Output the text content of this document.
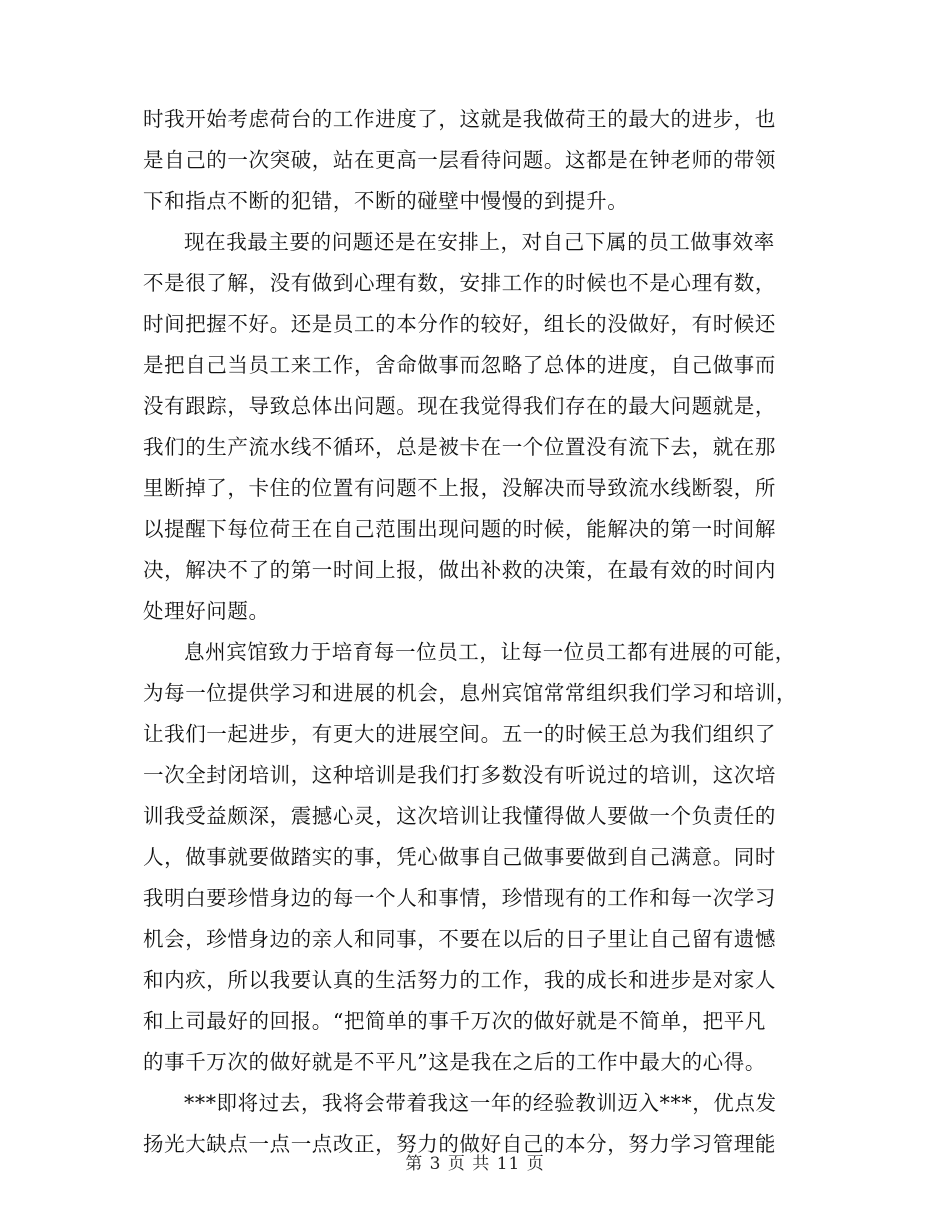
时我开始考虑荷台的工作进度了，这就是我做荷王的最大的进步，也
是自己的一次突破，站在更高一层看待问题。这都是在钟老师的带领
下和指点不断的犯错，不断的碰壁中慢慢的到提升。
现在我最主要的问题还是在安排上，对自己下属的员工做事效率
不是很了解，没有做到心理有数，安排工作的时候也不是心理有数，
时间把握不好。还是员工的本分作的较好，组长的没做好，有时候还
是把自己当员工来工作，舍命做事而忽略了总体的进度，自己做事而
没有跟踪，导致总体出问题。现在我觉得我们存在的最大问题就是，
我们的生产流水线不循环，总是被卡在一个位置没有流下去，就在那
里断掉了，卡住的位置有问题不上报，没解决而导致流水线断裂，所
以提醒下每位荷王在自己范围出现问题的时候，能解决的第一时间解
决，解决不了的第一时间上报，做出补救的决策，在最有效的时间内
处理好问题。
息州宾馆致力于培育每一位员工，让每一位员工都有进展的可能，
为每一位提供学习和进展的机会，息州宾馆常常组织我们学习和培训，
让我们一起进步，有更大的进展空间。五一的时候王总为我们组织了
一次全封闭培训，这种培训是我们打多数没有听说过的培训，这次培
训我受益颇深，震撼心灵，这次培训让我懂得做人要做一个负责任的
人，做事就要做踏实的事，凭心做事自己做事要做到自己满意。同时
我明白要珍惜身边的每一个人和事情，珍惜现有的工作和每一次学习
机会，珍惜身边的亲人和同事，不要在以后的日子里让自己留有遗憾
和内疚，所以我要认真的生活努力的工作，我的成长和进步是对家人
和上司最好的回报。“把简单的事千万次的做好就是不简单，把平凡
的事千万次的做好就是不平凡”这是我在之后的工作中最大的心得。
***即将过去，我将会带着我这一年的经验教训迈入***，优点发
扬光大缺点一点一点改正，努力的做好自己的本分，努力学习管理能
第 3 页 共 11 页
